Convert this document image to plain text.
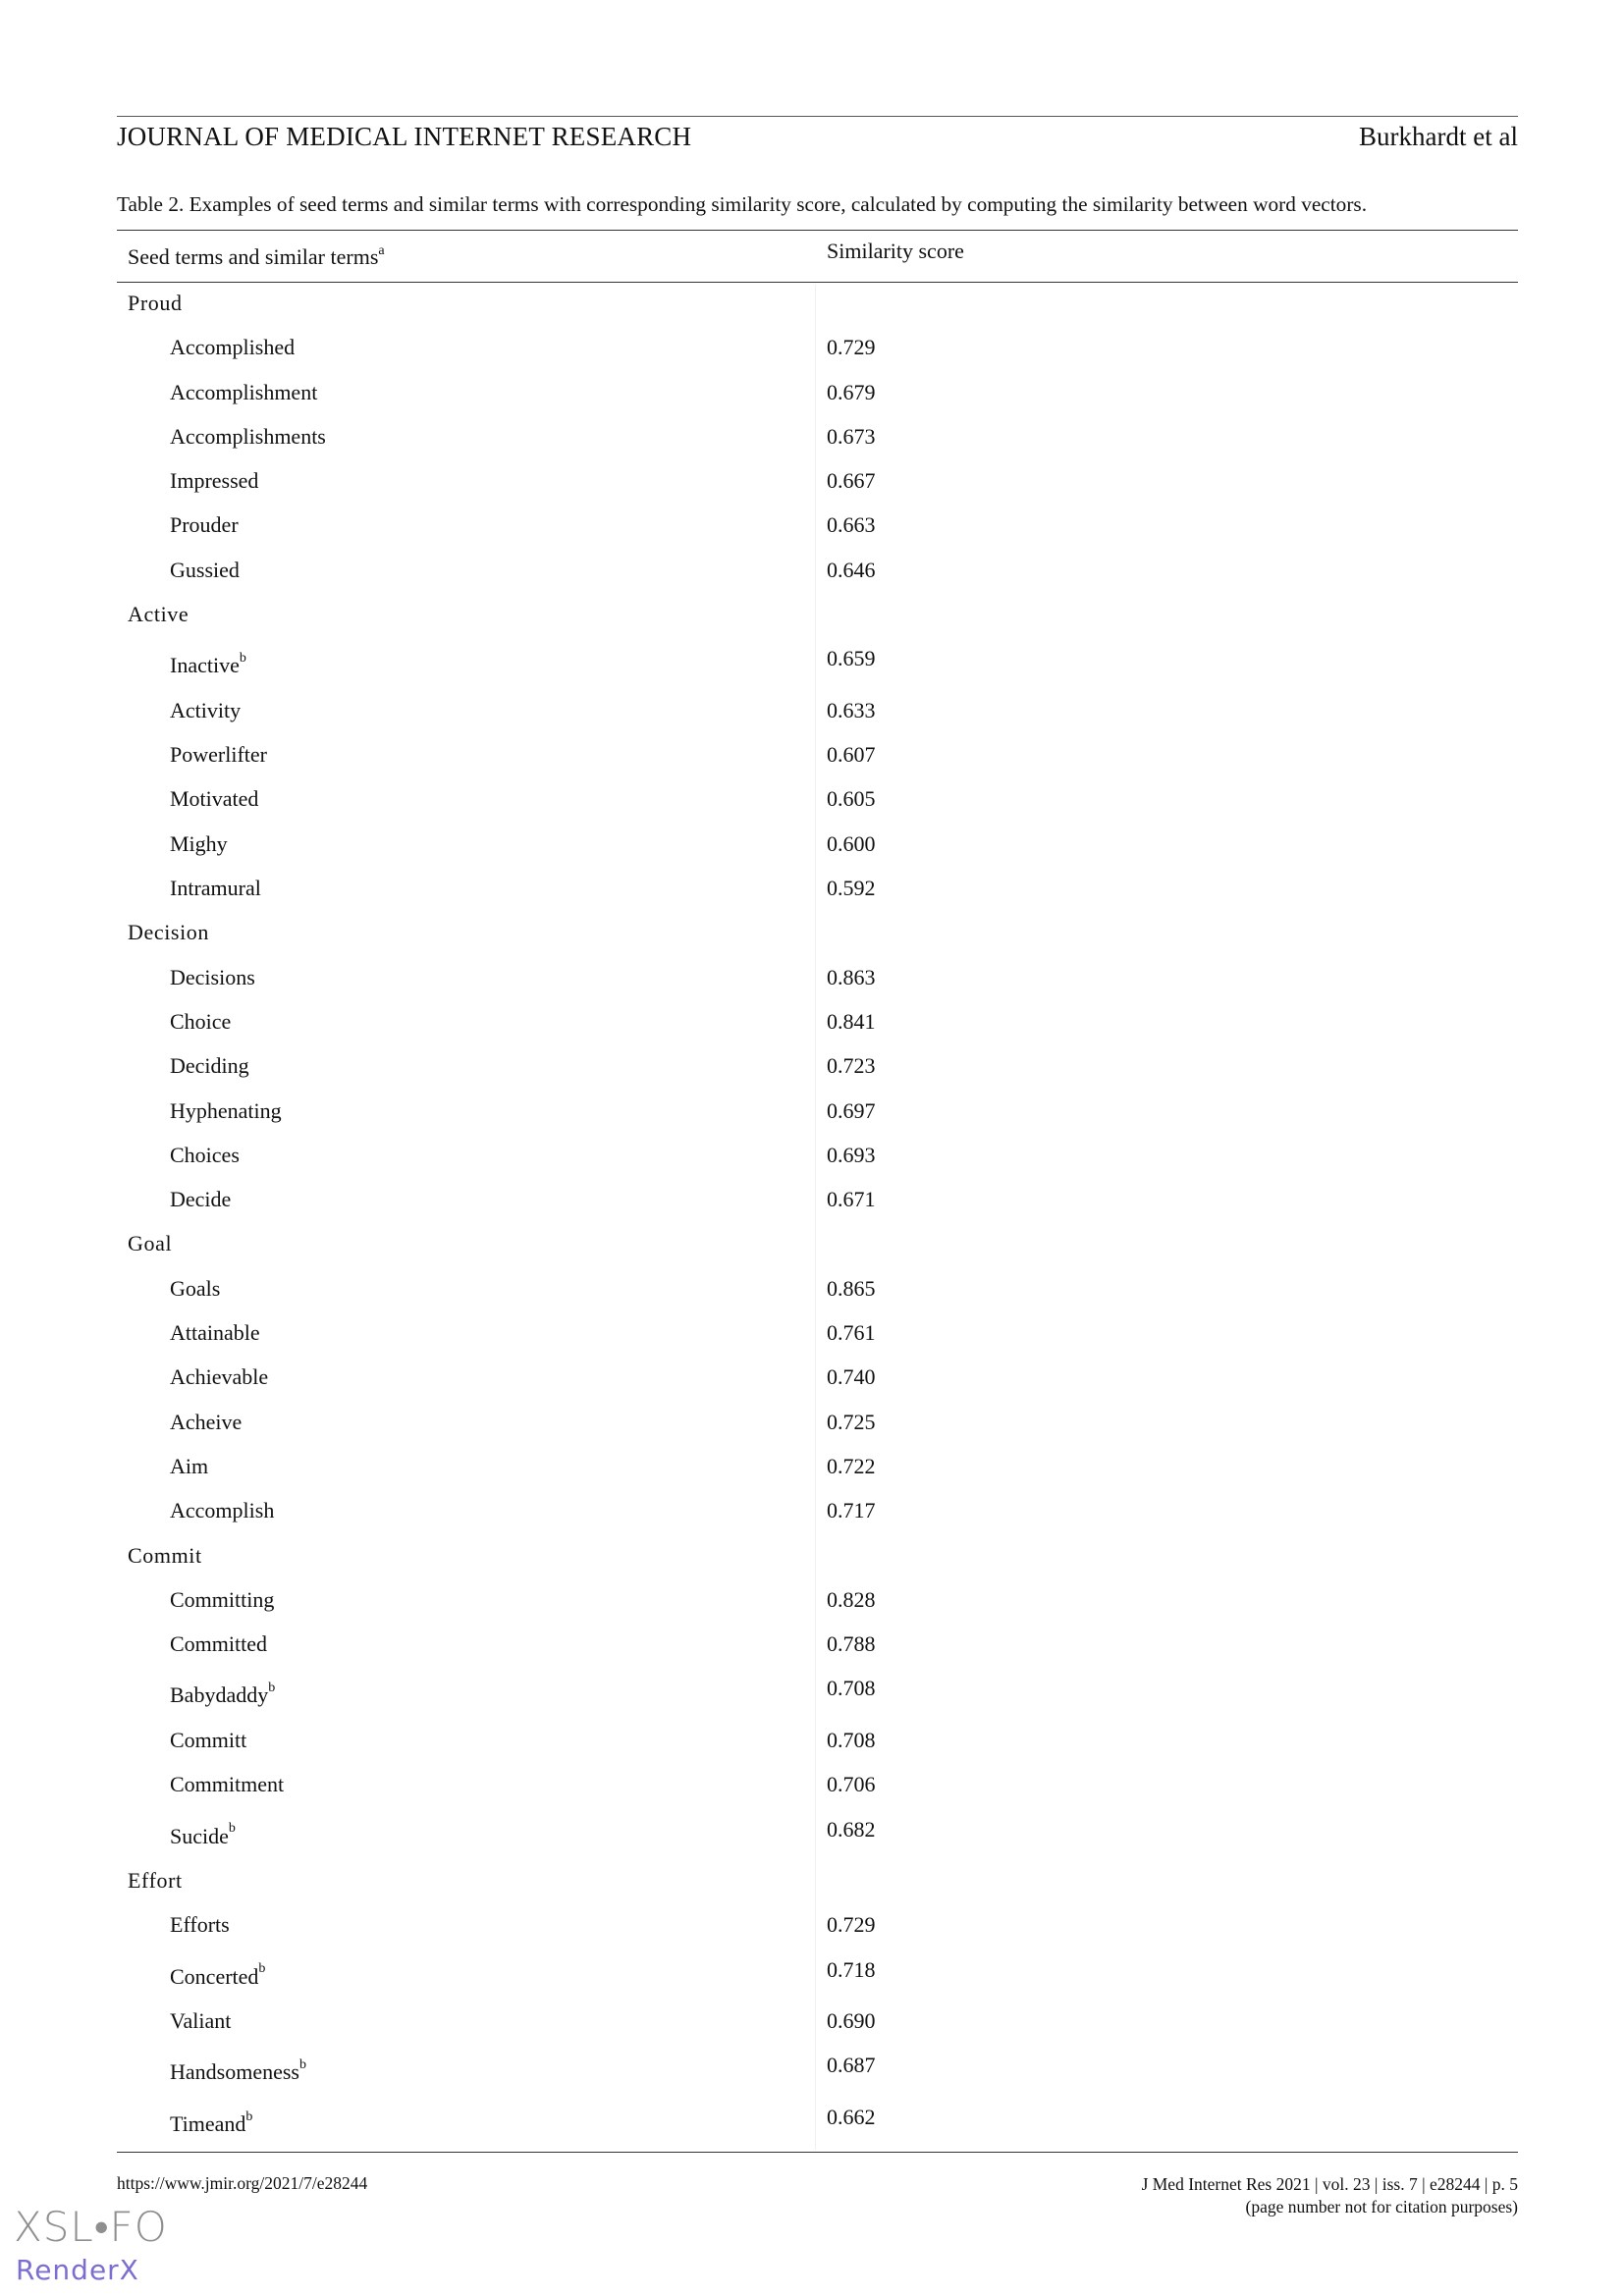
JOURNAL OF MEDICAL INTERNET RESEARCH	Burkhardt et al
Table 2. Examples of seed terms and similar terms with corresponding similarity score, calculated by computing the similarity between word vectors.
Seed terms and similar terms$^a$	Similarity score
Proud
Accomplished	0.729
Accomplishment	0.679
Accomplishments	0.673
Impressed	0.667
Prouder	0.663
Gussied	0.646
Active
Inactive$^b$	0.659
Activity	0.633
Powerlifter	0.607
Motivated	0.605
Mighy	0.600
Intramural	0.592
Decision
Decisions	0.863
Choice	0.841
Deciding	0.723
Hyphenating	0.697
Choices	0.693
Decide	0.671
Goal
Goals	0.865
Attainable	0.761
Achievable	0.740
Acheive	0.725
Aim	0.722
Accomplish	0.717
Commit
Committing	0.828
Committed	0.788
Babydaddy$^b$	0.708
Committ	0.708
Commitment	0.706
Sucide$^b$	0.682
Effort
Efforts	0.729
Concerted$^b$	0.718
Valiant	0.690
Handsomeness$^b$	0.687
Timeand$^b$	0.662
https://www.jmir.org/2021/7/e28244	J Med Internet Res 2021 | vol. 23 | iss. 7 | e28244 | p. 5
(page number not for citation purposes)
XSL•FO
RenderX
